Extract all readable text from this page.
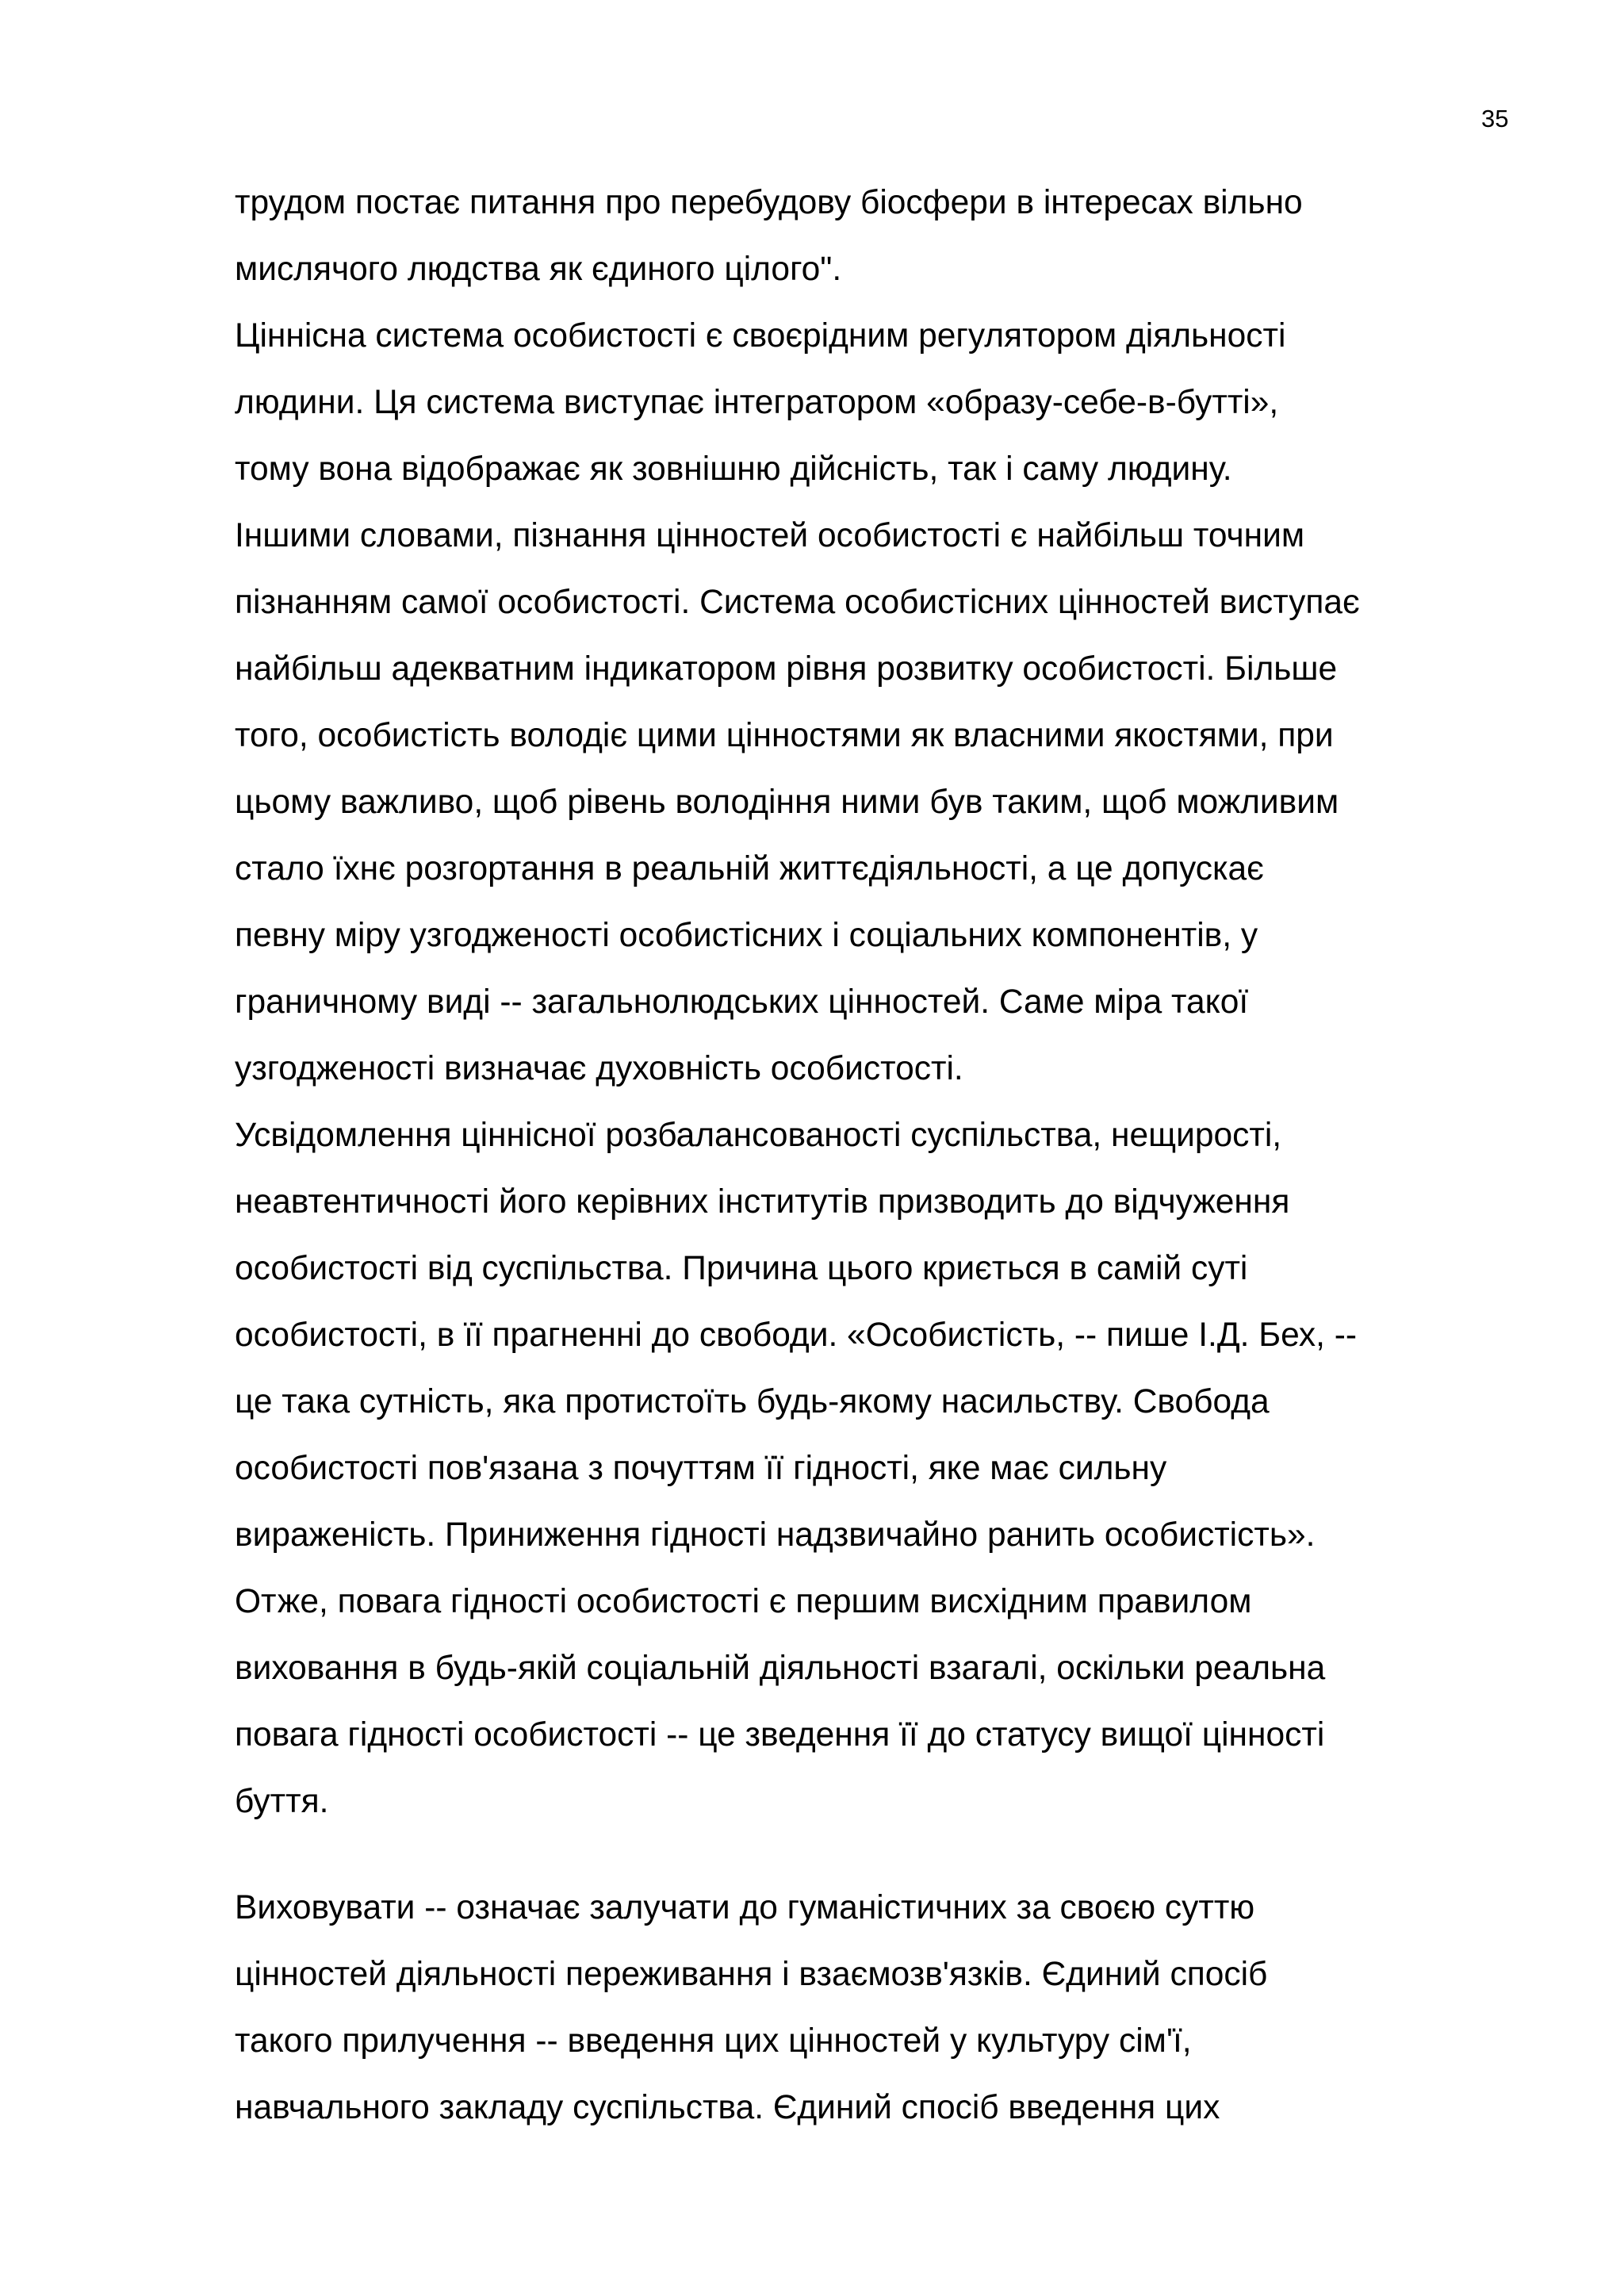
35
трудом постає питання про перебудову біосфери в інтересах вільно
мислячого людства як єдиного цілого".
Ціннісна система особистості є своєрідним регулятором діяльності
людини. Ця система виступає інтегратором «образу-себе-в-бутті»,
тому вона відображає як зовнішню дійсність, так і саму людину.
Іншими словами, пізнання цінностей особистості є найбільш точним
пізнанням самої особистості. Система особистісних цінностей виступає
найбільш адекватним індикатором рівня розвитку особистості. Більше
того, особистість володіє цими цінностями як власними якостями, при
цьому важливо, щоб рівень володіння ними був таким, щоб можливим
стало їхнє розгортання в реальній життєдіяльності, а це допускає
певну міру узгодженості особистісних і соціальних компонентів, у
граничному виді -- загальнолюдських цінностей. Саме міра такої
узгодженості визначає духовність особистості.
Усвідомлення ціннісної розбалансованості суспільства, нещирості,
неавтентичності його керівних інститутів призводить до відчуження
особистості від суспільства. Причина цього криється в самій суті
особистості, в її прагненні до свободи. «Особистість, -- пише І.Д. Бех, --
це така сутність, яка протистоїть будь-якому насильству. Свобода
особистості пов'язана з почуттям її гідності, яке має сильну
вираженість. Приниження гідності надзвичайно ранить особистість».
Отже, повага гідності особистості є першим висхідним правилом
виховання в будь-якій соціальній діяльності взагалі, оскільки реальна
повага гідності особистості -- це зведення її до статусу вищої цінності
буття.
Виховувати -- означає залучати до гуманістичних за своєю суттю
цінностей діяльності переживання і взаємозв'язків. Єдиний спосіб
такого прилучення -- введення цих цінностей у культуру сім'ї,
навчального закладу суспільства. Єдиний спосіб введення цих
